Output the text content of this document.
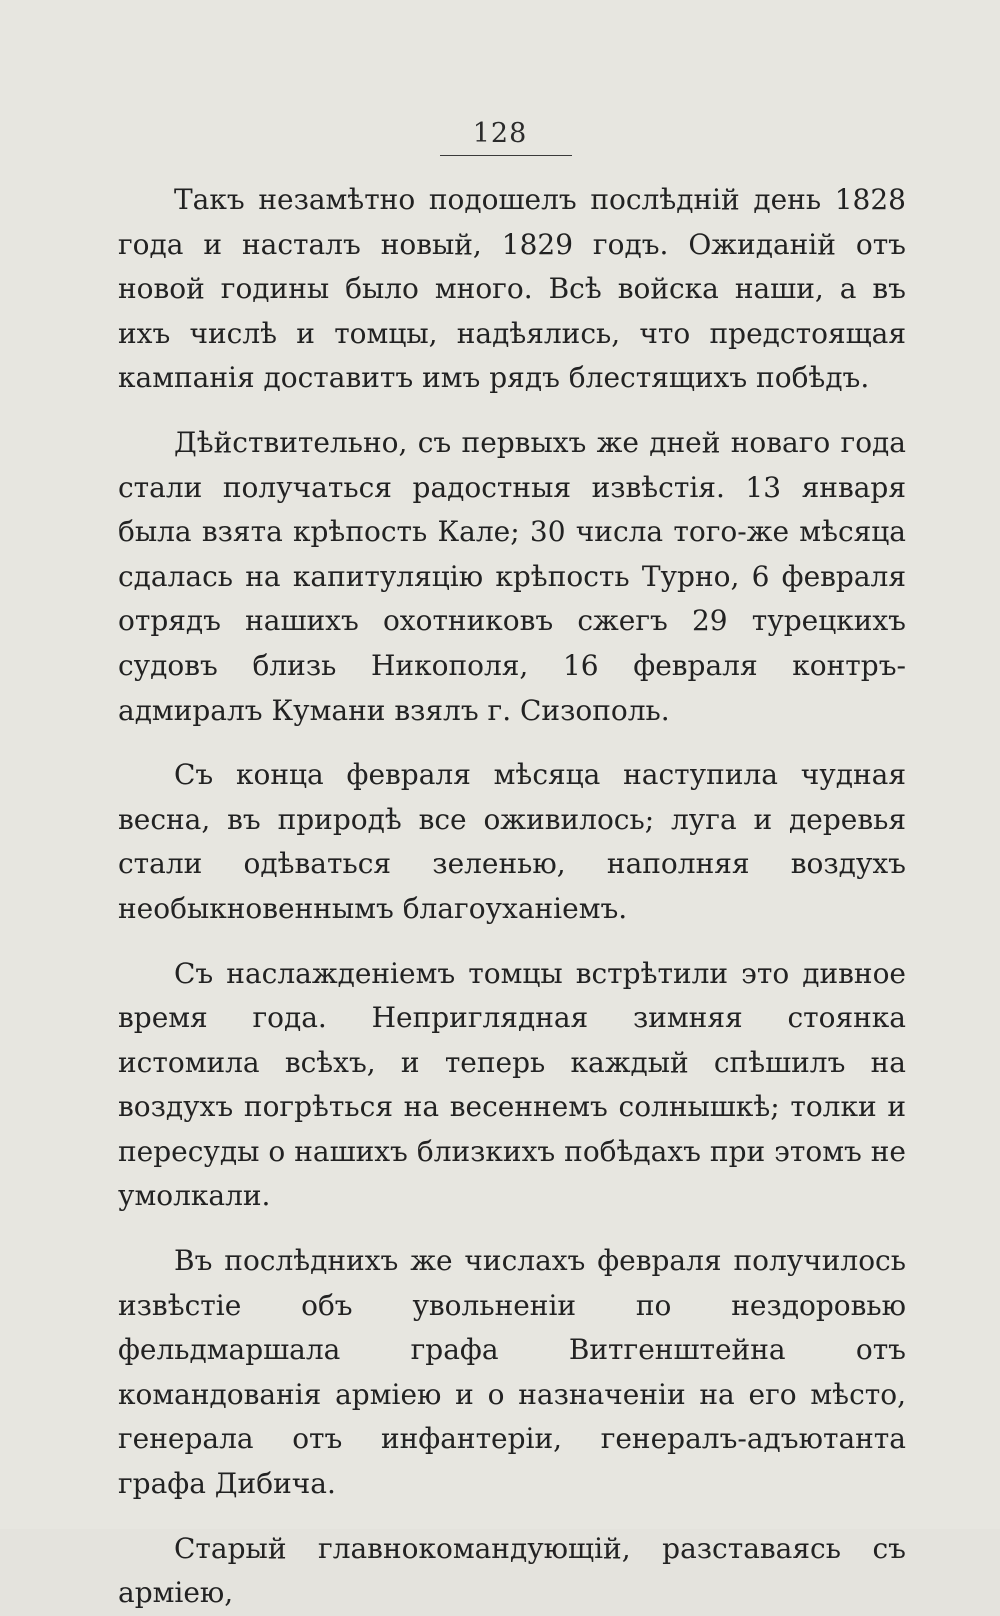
128

Такъ незамѣтно подошелъ послѣднiй день 1828 года и насталъ новый, 1829 годъ. Ожиданiй отъ новой годины было много. Всѣ войска наши, а въ ихъ числѣ и томцы, надѣялись, что предстоящая кампанiя доставитъ имъ рядъ блестящихъ побѣдъ.

Дѣйствительно, съ первыхъ же дней новаго года стали получаться радостныя извѣстiя. 13 января была взята крѣпость Кале; 30 числа того-же мѣсяца сдалась на капитуляцiю крѣпость Турно, 6 февраля отрядъ нашихъ охотниковъ сжегъ 29 турецкихъ судовъ близь Никополя, 16 февраля контръ-адмиралъ Кумани взялъ г. Сизополь.

Съ конца февраля мѣсяца наступила чудная весна, въ природѣ все оживилось; луга и деревья стали одѣваться зеленью, наполняя воздухъ необыкновеннымъ благоуханiемъ.

Съ наслажденiемъ томцы встрѣтили это дивное время года. Неприглядная зимняя стоянка истомила всѣхъ, и теперь каждый спѣшилъ на воздухъ погрѣться на весеннемъ солнышкѣ; толки и пересуды о нашихъ близкихъ побѣдахъ при этомъ не умолкали.

Въ послѣднихъ же числахъ февраля получилось извѣстiе объ увольненiи по нездоровью фельдмаршала графа Витгенштейна отъ командованiя армiею и о назначенiи на его мѣсто, генерала отъ инфантерiи, генералъ-адъютанта графа Дибича.

Старый главнокомандующiй, разставаясь съ армiею,
